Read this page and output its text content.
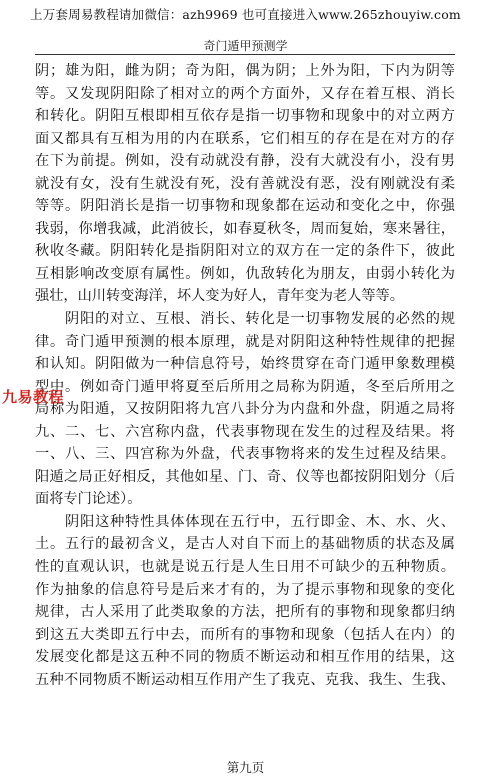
上万套周易教程请加微信：azh9969 也可直接进入www.265zhouyiw.com
奇门遁甲预测学
阴；雄为阳，雌为阴；奇为阳，偶为阴；上外为阳，下内为阴等
等。又发现阴阳除了相对立的两个方面外，又存在着互根、消长
和转化。阴阳互根即相互依存是指一切事物和现象中的对立两方
面又都具有互相为用的内在联系，它们相互的存在是在对方的存
在下为前提。例如，没有动就没有静，没有大就没有小，没有男
就没有女，没有生就没有死，没有善就没有恶，没有刚就没有柔
等等。阴阳消长是指一切事物和现象都在运动和变化之中，你强
我弱，你增我减，此消彼长，如春夏秋冬，周而复始，寒来暑往，
秋收冬藏。阴阳转化是指阴阳对立的双方在一定的条件下，彼此
互相影响改变原有属性。例如，仇敌转化为朋友，由弱小转化为
强壮，山川转变海洋，坏人变为好人，青年变为老人等等。
　　阴阳的对立、互根、消长、转化是一切事物发展的必然的规
律。奇门遁甲预测的根本原理，就是对阴阳这种特性规律的把握
和认知。阴阳做为一种信息符号，始终贯穿在奇门遁甲象数理模
型中。例如奇门遁甲将夏至后所用之局称为阴遁，冬至后所用之
局称为阳遁，又按阴阳将九宫八卦分为内盘和外盘，阴遁之局将
九、二、七、六宫称内盘，代表事物现在发生的过程及结果。将
一、八、三、四宫称为外盘，代表事物将来的发生过程及结果。
阳遁之局正好相反，其他如星、门、奇、仪等也都按阴阳划分（后
面将专门论述）。
　　阴阳这种特性具体体现在五行中，五行即金、木、水、火、
土。五行的最初含义，是古人对自下而上的基础物质的状态及属
性的直观认识，也就是说五行是人生日用不可缺少的五种物质。
作为抽象的信息符号是后来才有的，为了提示事物和现象的变化
规律，古人采用了此类取象的方法，把所有的事物和现象都归纳
到这五大类即五行中去，而所有的事物和现象（包括人在内）的
发展变化都是这五种不同的物质不断运动和相互作用的结果，这
五种不同物质不断运动相互作用产生了我克、克我、我生、生我、
九易教程
第九页
